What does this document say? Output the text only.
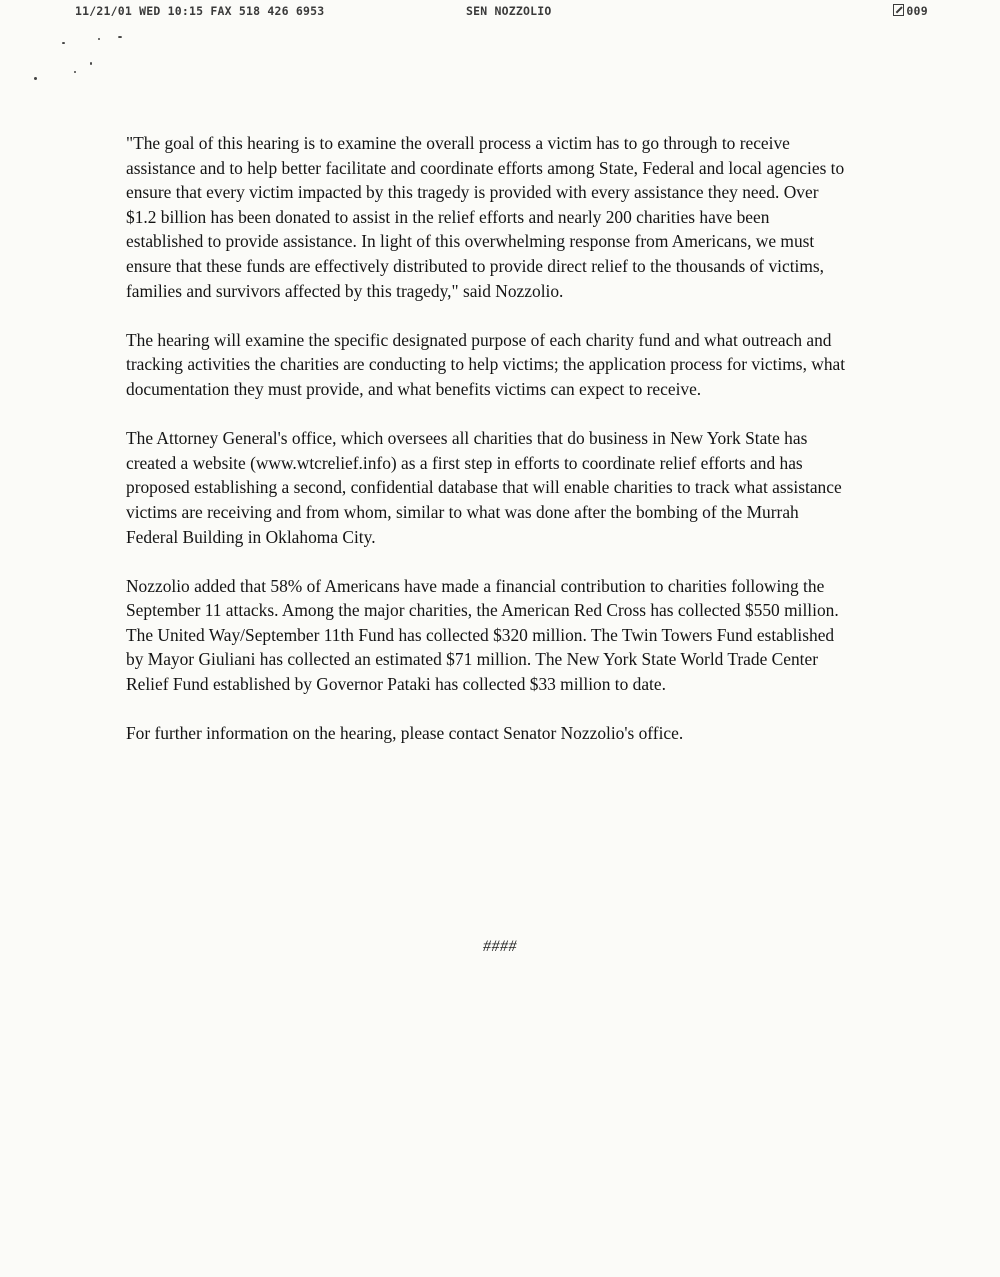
11/21/01 WED 10:15 FAX 518 426 6953	SEN NOZZOLIO	009

"The goal of this hearing is to examine the overall process a victim has to go through to receive assistance and to help better facilitate and coordinate efforts among State, Federal and local agencies to ensure that every victim impacted by this tragedy is provided with every assistance they need. Over $1.2 billion has been donated to assist in the relief efforts and nearly 200 charities have been established to provide assistance. In light of this overwhelming response from Americans, we must ensure that these funds are effectively distributed to provide direct relief to the thousands of victims, families and survivors affected by this tragedy," said Nozzolio.

The hearing will examine the specific designated purpose of each charity fund and what outreach and tracking activities the charities are conducting to help victims; the application process for victims, what documentation they must provide, and what benefits victims can expect to receive.

The Attorney General's office, which oversees all charities that do business in New York State has created a website (www.wtcrelief.info) as a first step in efforts to coordinate relief efforts and has proposed establishing a second, confidential database that will enable charities to track what assistance victims are receiving and from whom, similar to what was done after the bombing of the Murrah Federal Building in Oklahoma City.

Nozzolio added that 58% of Americans have made a financial contribution to charities following the September 11 attacks. Among the major charities, the American Red Cross has collected $550 million. The United Way/September 11th Fund has collected $320 million. The Twin Towers Fund established by Mayor Giuliani has collected an estimated $71 million. The New York State World Trade Center Relief Fund established by Governor Pataki has collected $33 million to date.

For further information on the hearing, please contact Senator Nozzolio's office.

####
